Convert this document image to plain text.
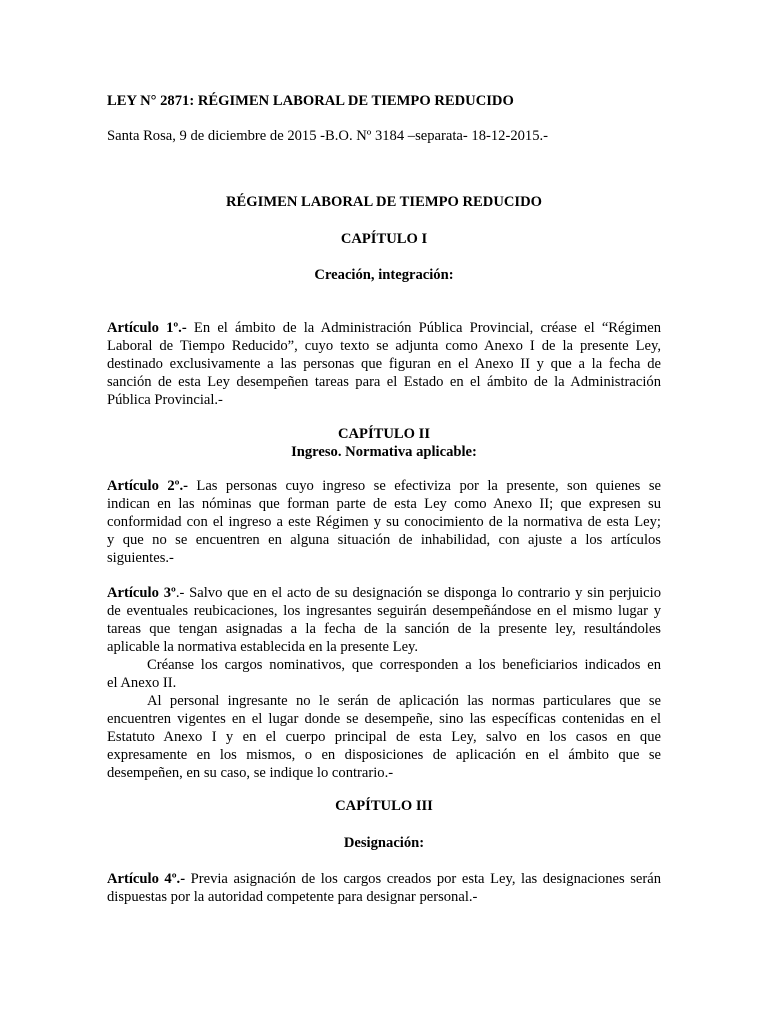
LEY N° 2871: RÉGIMEN LABORAL DE TIEMPO REDUCIDO

Santa Rosa, 9 de diciembre de 2015 -B.O. Nº 3184 –separata- 18-12-2015.-

RÉGIMEN LABORAL DE TIEMPO REDUCIDO

CAPÍTULO I

Creación, integración:

Artículo 1º.- En el ámbito de la Administración Pública Provincial, créase el “Régimen
Laboral de Tiempo Reducido”, cuyo texto se adjunta como Anexo I de la presente Ley,
destinado exclusivamente a las personas que figuran en el Anexo II y que a la fecha de
sanción de esta Ley desempeñen tareas para el Estado en el ámbito de la Administración
Pública Provincial.-

CAPÍTULO II

Ingreso. Normativa aplicable:

Artículo 2º.- Las personas cuyo ingreso se efectiviza por la presente, son quienes se
indican en las nóminas que forman parte de esta Ley como Anexo II; que expresen su
conformidad con el ingreso a este Régimen y su conocimiento de la normativa de esta Ley;
y que no se encuentren en alguna situación de inhabilidad, con ajuste a los artículos
siguientes.-
Artículo 3º.- Salvo que en el acto de su designación se disponga lo contrario y sin perjuicio
de eventuales reubicaciones, los ingresantes seguirán desempeñándose en el mismo lugar y
tareas que tengan asignadas a la fecha de la sanción de la presente ley, resultándoles
aplicable la normativa establecida en la presente Ley.
Créanse los cargos nominativos, que corresponden a los beneficiarios indicados en
el Anexo II.
Al personal ingresante no le serán de aplicación las normas particulares que se
encuentren vigentes en el lugar donde se desempeñe, sino las específicas contenidas en el
Estatuto Anexo I y en el cuerpo principal de esta Ley, salvo en los casos en que
expresamente en los mismos, o en disposiciones de aplicación en el ámbito que se
desempeñen, en su caso, se indique lo contrario.-

CAPÍTULO III

Designación:

Artículo 4º.- Previa asignación de los cargos creados por esta Ley, las designaciones serán
dispuestas por la autoridad competente para designar personal.-
